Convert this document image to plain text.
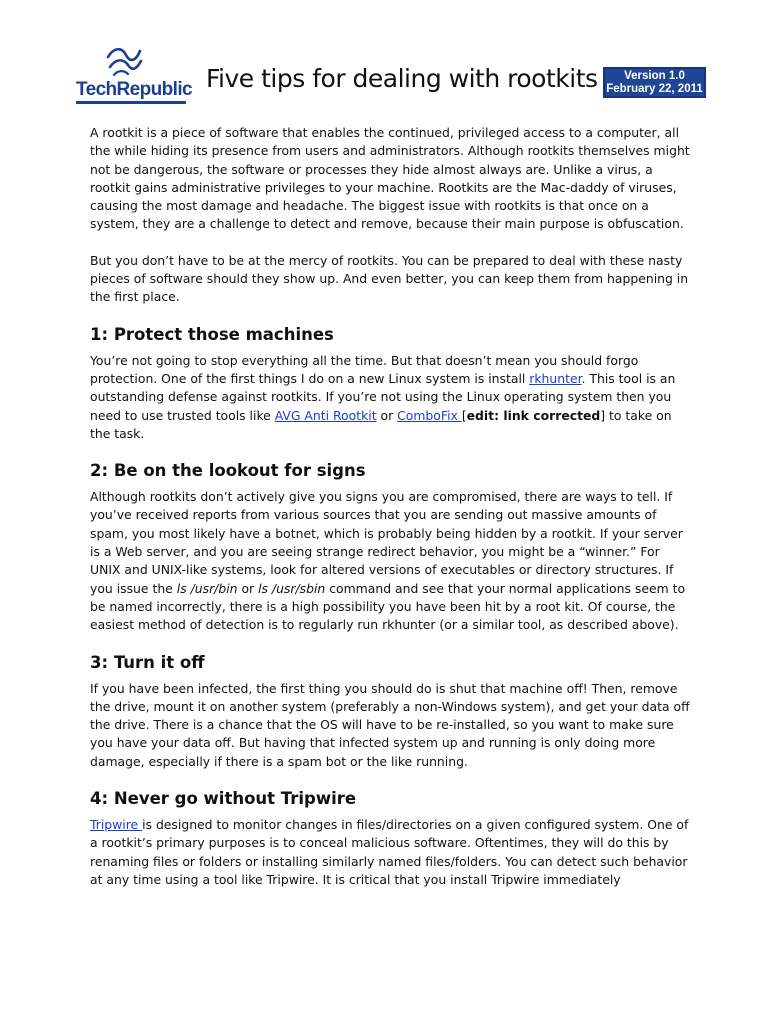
TechRepublic Five tips for dealing with rootkits	Version 1.0
February 22, 2011

A rootkit is a piece of software that enables the continued, privileged access to a computer, all the while hiding its presence from users and administrators. Although rootkits themselves might not be dangerous, the software or processes they hide almost always are. Unlike a virus, a rootkit gains administrative privileges to your machine. Rootkits are the Mac-daddy of viruses, causing the most damage and headache. The biggest issue with rootkits is that once on a system, they are a challenge to detect and remove, because their main purpose is obfuscation.

But you don’t have to be at the mercy of rootkits. You can be prepared to deal with these nasty pieces of software should they show up. And even better, you can keep them from happening in the first place.

1: Protect those machines

You’re not going to stop everything all the time. But that doesn’t mean you should forgo protection. One of the first things I do on a new Linux system is install rkhunter. This tool is an outstanding defense against rootkits. If you’re not using the Linux operating system then you need to use trusted tools like AVG Anti Rootkit or ComboFix [edit: link corrected] to take on the task.

2: Be on the lookout for signs

Although rootkits don’t actively give you signs you are compromised, there are ways to tell. If you’ve received reports from various sources that you are sending out massive amounts of spam, you most likely have a botnet, which is probably being hidden by a rootkit. If your server is a Web server, and you are seeing strange redirect behavior, you might be a “winner.” For UNIX and UNIX-like systems, look for altered versions of executables or directory structures. If you issue the ls /usr/bin or ls /usr/sbin command and see that your normal applications seem to be named incorrectly, there is a high possibility you have been hit by a root kit. Of course, the easiest method of detection is to regularly run rkhunter (or a similar tool, as described above).

3: Turn it off

If you have been infected, the first thing you should do is shut that machine off! Then, remove the drive, mount it on another system (preferably a non-Windows system), and get your data off the drive. There is a chance that the OS will have to be re-installed, so you want to make sure you have your data off. But having that infected system up and running is only doing more damage, especially if there is a spam bot or the like running.

4: Never go without Tripwire

Tripwire is designed to monitor changes in files/directories on a given configured system. One of a rootkit’s primary purposes is to conceal malicious software. Oftentimes, they will do this by renaming files or folders or installing similarly named files/folders. You can detect such behavior at any time using a tool like Tripwire. It is critical that you install Tripwire immediately
